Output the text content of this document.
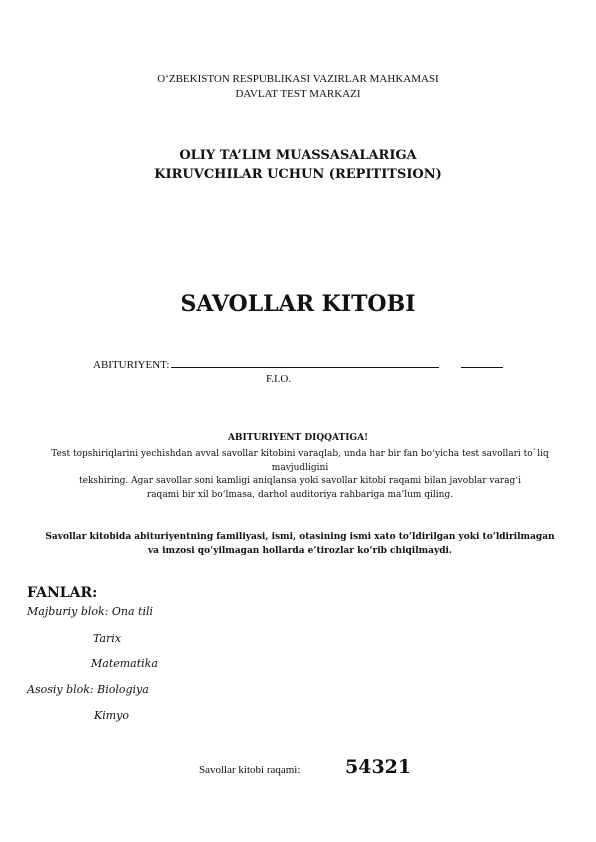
O‘ZBEKISTON RESPUBLIKASI VAZIRLAR MAHKAMASI
DAVLAT TEST MARKAZI
OLIY TA’LIM MUASSASALARIGA
KIRUVCHILAR UCHUN (REPITITSION)
SAVOLLAR KITOBI
ABITURIYENT:
F.I.O.
ABITURIYENT DIQQATIGA!
Test topshiriqlarini yechishdan avval savollar kitobini varaqlab, unda har bir fan bo‘yicha test savollari to`liq
mavjudligini
tekshiring. Agar savollar soni kamligi aniqlansa yoki savollar kitobi raqami bilan javoblar varag‘i
raqami bir xil bo‘lmasa, darhol auditoriya rahbariga ma’lum qiling.
Savollar kitobida abituriyentning familiyasi, ismi, otasining ismi xato to‘ldirilgan yoki to‘ldirilmagan
va imzosi qo‘yilmagan hollarda e’tirozlar ko‘rib chiqilmaydi.
FANLAR:
Majburiy blok: Ona tili
Tarix
Matematika
Asosiy blok: Biologiya
Kimyo
Savollar kitobi raqami: 54321
